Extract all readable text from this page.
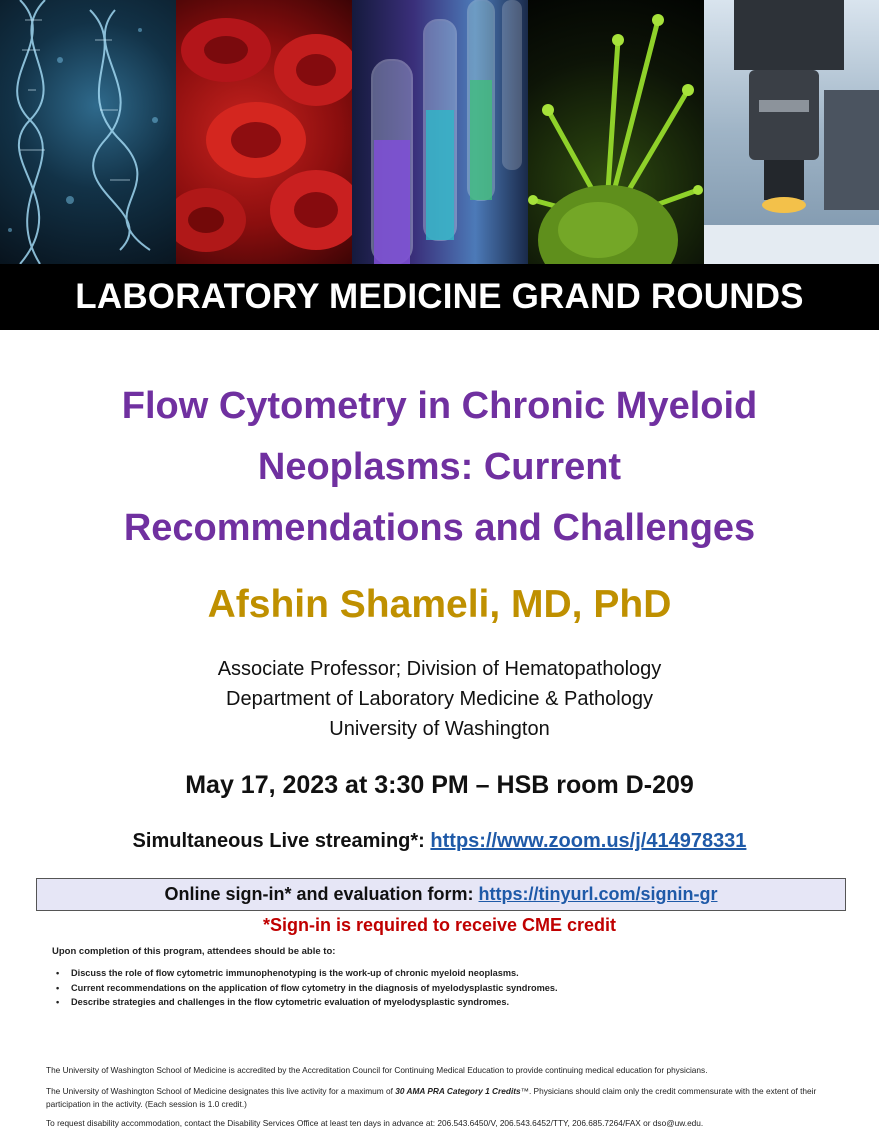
LABORATORY MEDICINE GRAND ROUNDS
Flow Cytometry in Chronic Myeloid
Neoplasms: Current
Recommendations and Challenges
Afshin Shameli, MD, PhD
Associate Professor; Division of Hematopathology
Department of Laboratory Medicine & Pathology
University of Washington
May 17, 2023 at 3:30 PM – HSB room D-209
Simultaneous Live streaming*: https://www.zoom.us/j/414978331
Online sign-in* and evaluation form:
https://tinyurl.com/signin-gr
*Sign-in is required to receive CME credit
Upon completion of this program, attendees should be able to:
• Discuss the role of flow cytometric immunophenotyping is the work-up of chronic myeloid neoplasms.
• Current recommendations on the application of flow cytometry in the diagnosis of myelodysplastic syndromes.
• Describe strategies and challenges in the flow cytometric evaluation of myelodysplastic syndromes.
The University of Washington School of Medicine is accredited by the Accreditation Council for Continuing Medical Education to provide continuing medical education for physicians.
The University of Washington School of Medicine designates this live activity for a maximum of 30 AMA PRA Category 1 Credits™. Physicians should claim only the credit commensurate with the extent of their participation in the activity. (Each session is 1.0 credit.)
To request disability accommodation, contact the Disability Services Office at least ten days in advance at: 206.543.6450/V, 206.543.6452/TTY, 206.685.7264/FAX or dso@uw.edu.
